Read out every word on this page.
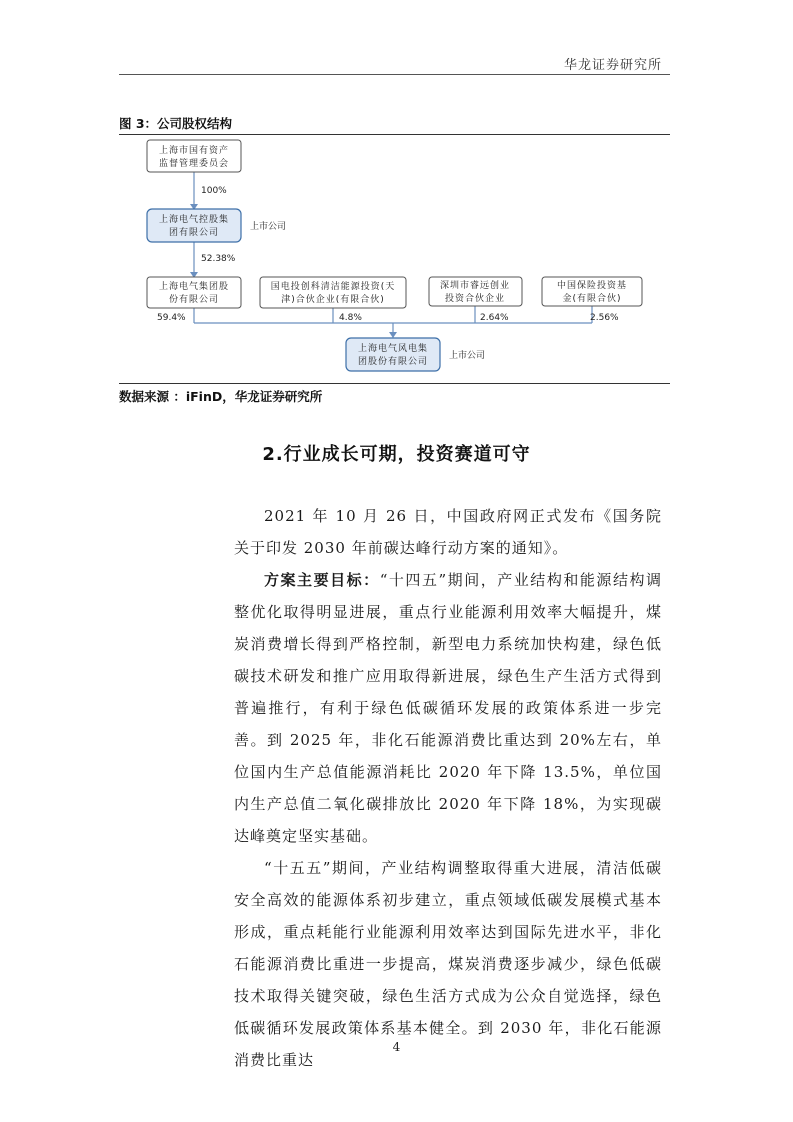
华龙证券研究所
图 3：公司股权结构
上海市国有资产
监督管理委员会
上海电气控股集
团有限公司
上海电气集团股
份有限公司
国电投创科清洁能源投资(天
津)合伙企业(有限合伙)
深圳市睿远创业
投资合伙企业
中国保险投资基
金(有限合伙)
上海电气风电集
团股份有限公司
100%
52.38%
上市公司
59.4%	4.8%	2.64%	2.56%
上市公司
数据来源 ：iFinD，华龙证券研究所
2.行业成长可期，投资赛道可守

2021 年 10 月 26 日，中国政府网正式发布《国务院关于印发 2030 年前碳达峰行动方案的通知》。

方案主要目标：“十四五”期间，产业结构和能源结构调整优化取得明显进展，重点行业能源利用效率大幅提升，煤炭消费增长得到严格控制，新型电力系统加快构建，绿色低碳技术研发和推广应用取得新进展，绿色生产生活方式得到普遍推行，有利于绿色低碳循环发展的政策体系进一步完善。到 2025 年，非化石能源消费比重达到 20%左右，单位国内生产总值能源消耗比 2020 年下降 13.5%，单位国内生产总值二氧化碳排放比 2020 年下降 18%，为实现碳达峰奠定坚实基础。

“十五五”期间，产业结构调整取得重大进展，清洁低碳安全高效的能源体系初步建立，重点领域低碳发展模式基本形成，重点耗能行业能源利用效率达到国际先进水平，非化石能源消费比重进一步提高，煤炭消费逐步减少，绿色低碳技术取得关键突破，绿色生活方式成为公众自觉选择，绿色低碳循环发展政策体系基本健全。到 2030 年，非化石能源消费比重达

4
